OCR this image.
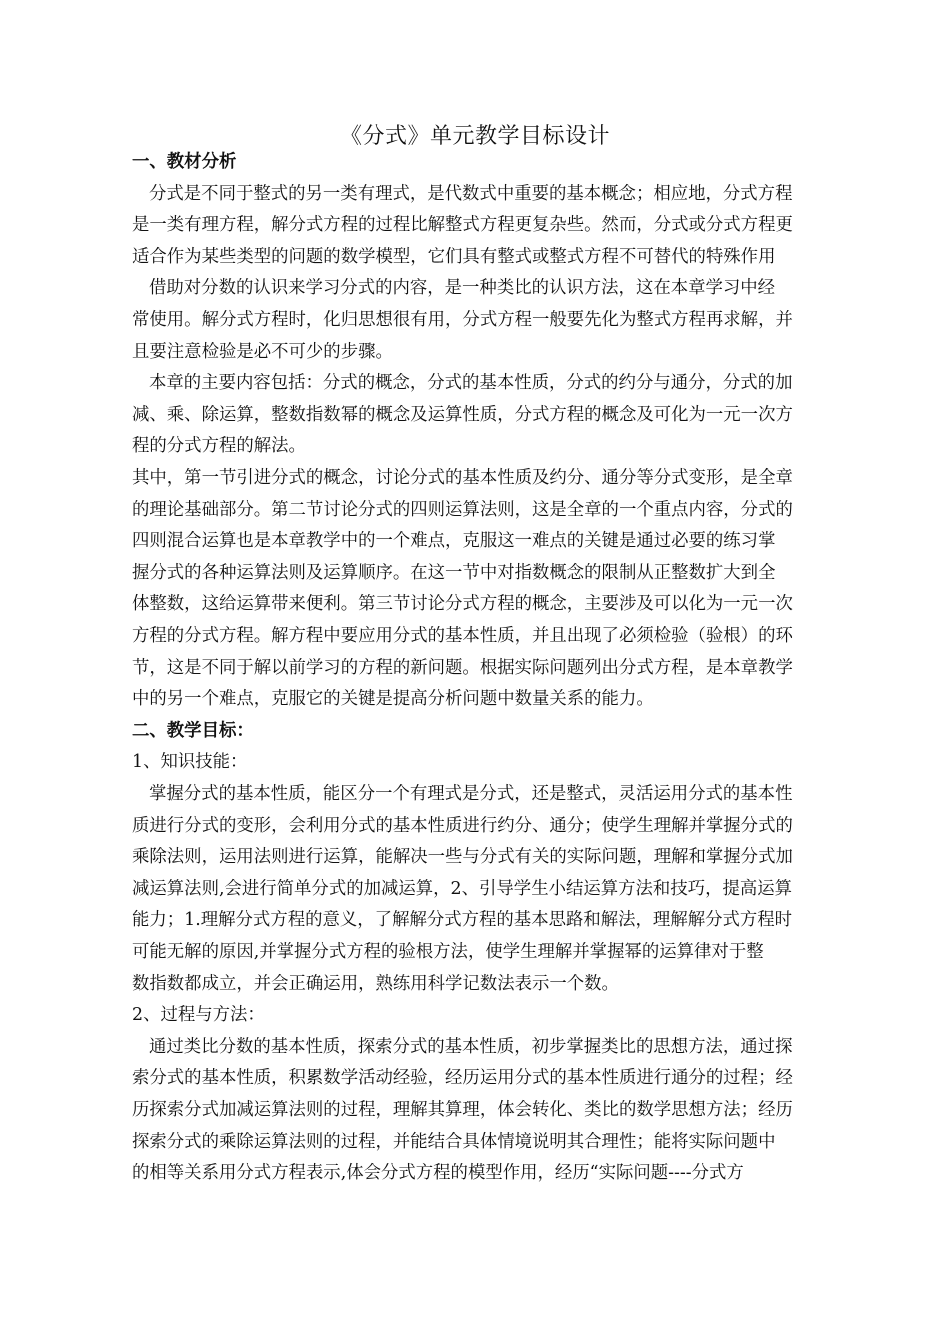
《分式》单元教学目标设计
一、教材分析
分式是不同于整式的另一类有理式，是代数式中重要的基本概念；相应地，分式方程
是一类有理方程，解分式方程的过程比解整式方程更复杂些。然而，分式或分式方程更
适合作为某些类型的问题的数学模型，它们具有整式或整式方程不可替代的特殊作用
借助对分数的认识来学习分式的内容，是一种类比的认识方法，这在本章学习中经
常使用。解分式方程时，化归思想很有用，分式方程一般要先化为整式方程再求解，并
且要注意检验是必不可少的步骤。
本章的主要内容包括：分式的概念，分式的基本性质，分式的约分与通分，分式的加
减、乘、除运算，整数指数幂的概念及运算性质，分式方程的概念及可化为一元一次方
程的分式方程的解法。
其中，第一节引进分式的概念，讨论分式的基本性质及约分、通分等分式变形，是全章
的理论基础部分。第二节讨论分式的四则运算法则，这是全章的一个重点内容，分式的
四则混合运算也是本章教学中的一个难点，克服这一难点的关键是通过必要的练习掌
握分式的各种运算法则及运算顺序。在这一节中对指数概念的限制从正整数扩大到全
体整数，这给运算带来便利。第三节讨论分式方程的概念，主要涉及可以化为一元一次
方程的分式方程。解方程中要应用分式的基本性质，并且出现了必须检验（验根）的环
节，这是不同于解以前学习的方程的新问题。根据实际问题列出分式方程，是本章教学
中的另一个难点，克服它的关键是提高分析问题中数量关系的能力。
二、教学目标：
1、知识技能：
掌握分式的基本性质，能区分一个有理式是分式，还是整式，灵活运用分式的基本性
质进行分式的变形，会利用分式的基本性质进行约分、通分；使学生理解并掌握分式的
乘除法则，运用法则进行运算，能解决一些与分式有关的实际问题，理解和掌握分式加
减运算法则,会进行简单分式的加减运算，2、引导学生小结运算方法和技巧，提高运算
能力；1.理解分式方程的意义，了解解分式方程的基本思路和解法，理解解分式方程时
可能无解的原因,并掌握分式方程的验根方法，使学生理解并掌握幂的运算律对于整
数指数都成立，并会正确运用，熟练用科学记数法表示一个数。
2、过程与方法：
通过类比分数的基本性质，探索分式的基本性质，初步掌握类比的思想方法，通过探
索分式的基本性质，积累数学活动经验，经历运用分式的基本性质进行通分的过程；经
历探索分式加减运算法则的过程，理解其算理，体会转化、类比的数学思想方法；经历
探索分式的乘除运算法则的过程，并能结合具体情境说明其合理性；能将实际问题中
的相等关系用分式方程表示,体会分式方程的模型作用，经历“实际问题----分式方
